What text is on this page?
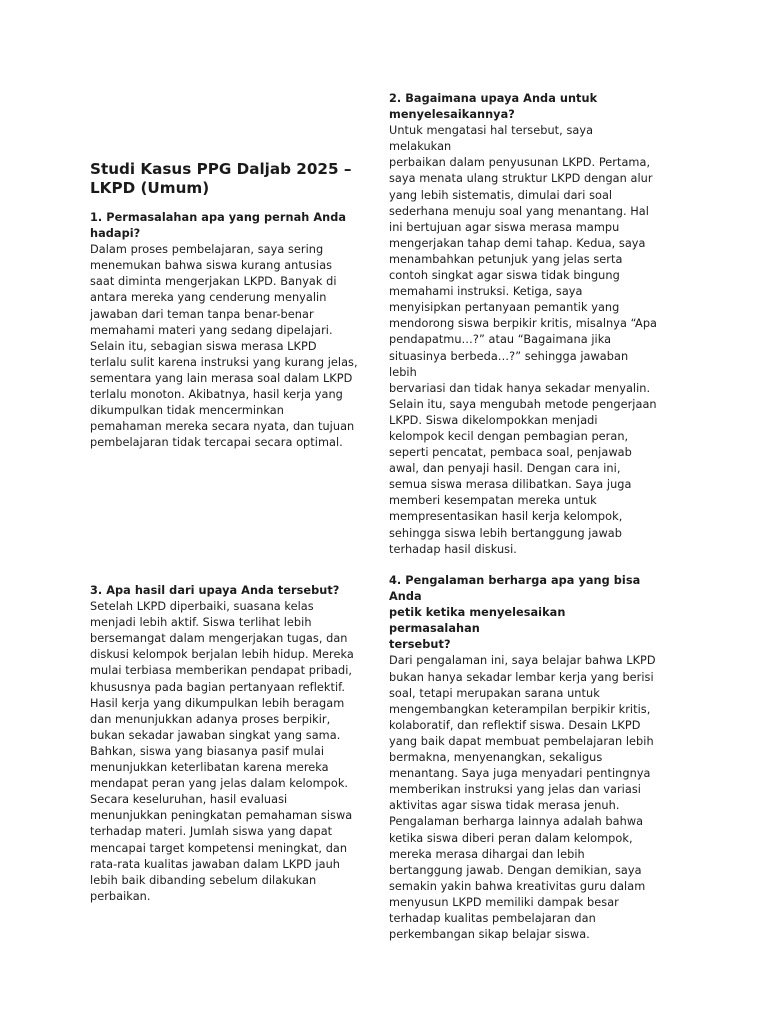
Studi Kasus PPG Daljab 2025 –
LKPD (Umum)

1. Permasalahan apa yang pernah Anda
hadapi?

Dalam proses pembelajaran, saya sering
menemukan bahwa siswa kurang antusias
saat diminta mengerjakan LKPD. Banyak di
antara mereka yang cenderung menyalin
jawaban dari teman tanpa benar-benar
memahami materi yang sedang dipelajari.
Selain itu, sebagian siswa merasa LKPD
terlalu sulit karena instruksi yang kurang jelas,
sementara yang lain merasa soal dalam LKPD
terlalu monoton. Akibatnya, hasil kerja yang
dikumpulkan tidak mencerminkan
pemahaman mereka secara nyata, dan tujuan
pembelajaran tidak tercapai secara optimal.

2. Bagaimana upaya Anda untuk
menyelesaikannya?

Untuk mengatasi hal tersebut, saya melakukan
perbaikan dalam penyusunan LKPD. Pertama,
saya menata ulang struktur LKPD dengan alur
yang lebih sistematis, dimulai dari soal
sederhana menuju soal yang menantang. Hal
ini bertujuan agar siswa merasa mampu
mengerjakan tahap demi tahap. Kedua, saya
menambahkan petunjuk yang jelas serta
contoh singkat agar siswa tidak bingung
memahami instruksi. Ketiga, saya
menyisipkan pertanyaan pemantik yang
mendorong siswa berpikir kritis, misalnya “Apa
pendapatmu…?” atau “Bagaimana jika
situasinya berbeda…?” sehingga jawaban lebih
bervariasi dan tidak hanya sekadar menyalin.
Selain itu, saya mengubah metode pengerjaan
LKPD. Siswa dikelompokkan menjadi
kelompok kecil dengan pembagian peran,
seperti pencatat, pembaca soal, penjawab
awal, dan penyaji hasil. Dengan cara ini,
semua siswa merasa dilibatkan. Saya juga
memberi kesempatan mereka untuk
mempresentasikan hasil kerja kelompok,
sehingga siswa lebih bertanggung jawab
terhadap hasil diskusi.

3. Apa hasil dari upaya Anda tersebut?

Setelah LKPD diperbaiki, suasana kelas
menjadi lebih aktif. Siswa terlihat lebih
bersemangat dalam mengerjakan tugas, dan
diskusi kelompok berjalan lebih hidup. Mereka
mulai terbiasa memberikan pendapat pribadi,
khususnya pada bagian pertanyaan reflektif.
Hasil kerja yang dikumpulkan lebih beragam
dan menunjukkan adanya proses berpikir,
bukan sekadar jawaban singkat yang sama.
Bahkan, siswa yang biasanya pasif mulai
menunjukkan keterlibatan karena mereka
mendapat peran yang jelas dalam kelompok.
Secara keseluruhan, hasil evaluasi
menunjukkan peningkatan pemahaman siswa
terhadap materi. Jumlah siswa yang dapat
mencapai target kompetensi meningkat, dan
rata-rata kualitas jawaban dalam LKPD jauh
lebih baik dibanding sebelum dilakukan
perbaikan.

4. Pengalaman berharga apa yang bisa Anda
petik ketika menyelesaikan permasalahan
tersebut?

Dari pengalaman ini, saya belajar bahwa LKPD
bukan hanya sekadar lembar kerja yang berisi
soal, tetapi merupakan sarana untuk
mengembangkan keterampilan berpikir kritis,
kolaboratif, dan reflektif siswa. Desain LKPD
yang baik dapat membuat pembelajaran lebih
bermakna, menyenangkan, sekaligus
menantang. Saya juga menyadari pentingnya
memberikan instruksi yang jelas dan variasi
aktivitas agar siswa tidak merasa jenuh.
Pengalaman berharga lainnya adalah bahwa
ketika siswa diberi peran dalam kelompok,
mereka merasa dihargai dan lebih
bertanggung jawab. Dengan demikian, saya
semakin yakin bahwa kreativitas guru dalam
menyusun LKPD memiliki dampak besar
terhadap kualitas pembelajaran dan
perkembangan sikap belajar siswa.
